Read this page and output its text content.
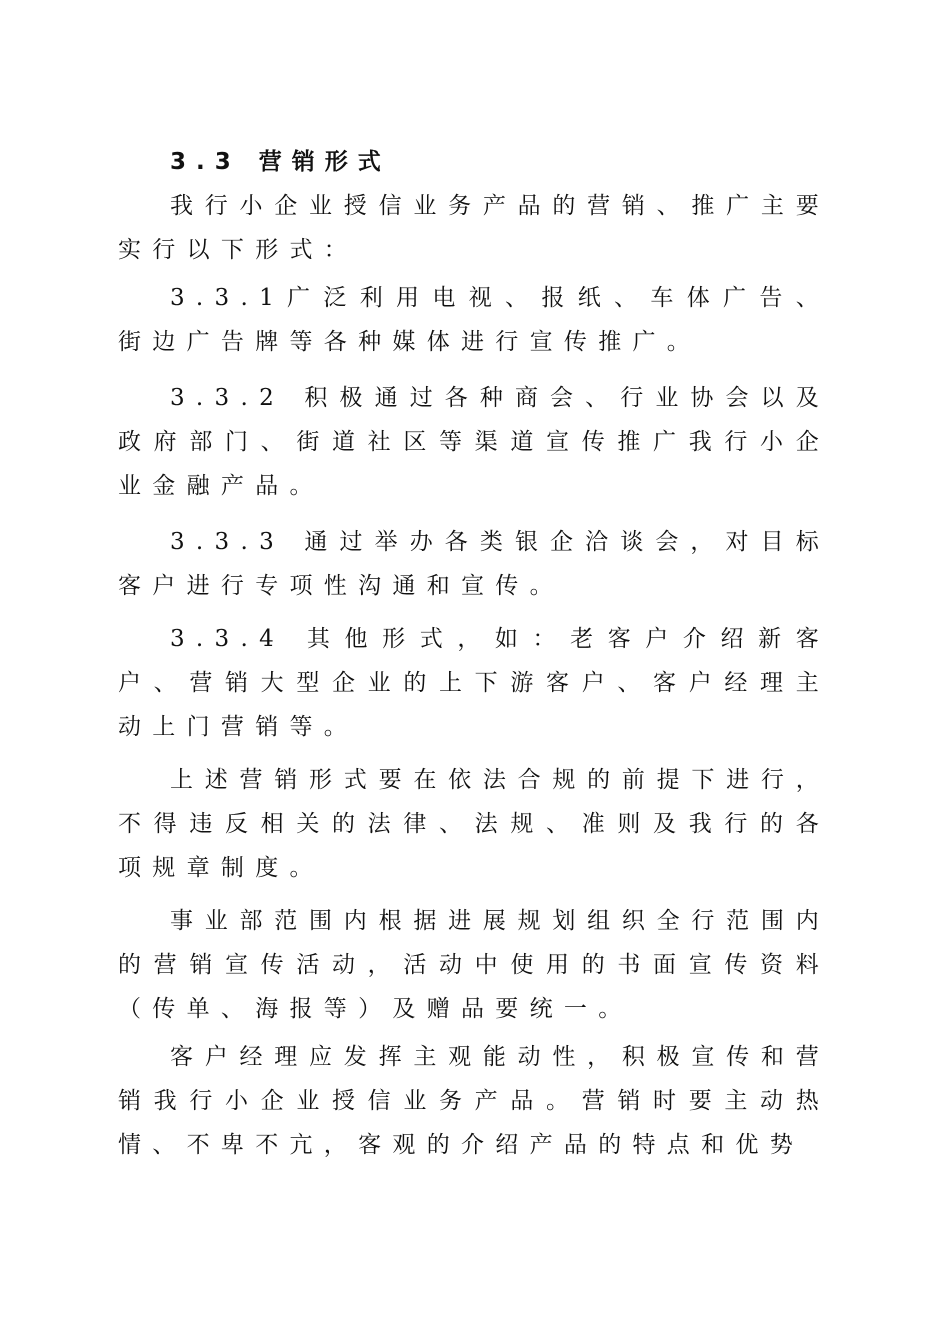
3.3 营销形式

我行小企业授信业务产品的营销、推广主要实行以下形式：

3.3.1广泛利用电视、报纸、车体广告、街边广告牌等各种媒体进行宣传推广。

3.3.2 积极通过各种商会、行业协会以及政府部门、街道社区等渠道宣传推广我行小企业金融产品。

3.3.3 通过举办各类银企洽谈会，对目标客户进行专项性沟通和宣传。

3.3.4 其他形式，如：老客户介绍新客户、营销大型企业的上下游客户、客户经理主动上门营销等。

上述营销形式要在依法合规的前提下进行，不得违反相关的法律、法规、准则及我行的各项规章制度。

事业部范围内根据进展规划组织全行范围内的营销宣传活动，活动中使用的书面宣传资料（传单、海报等）及赠品要统一。

客户经理应发挥主观能动性，积极宣传和营销我行小企业授信业务产品。营销时要主动热情、不卑不亢，客观的介绍产品的特点和优势
